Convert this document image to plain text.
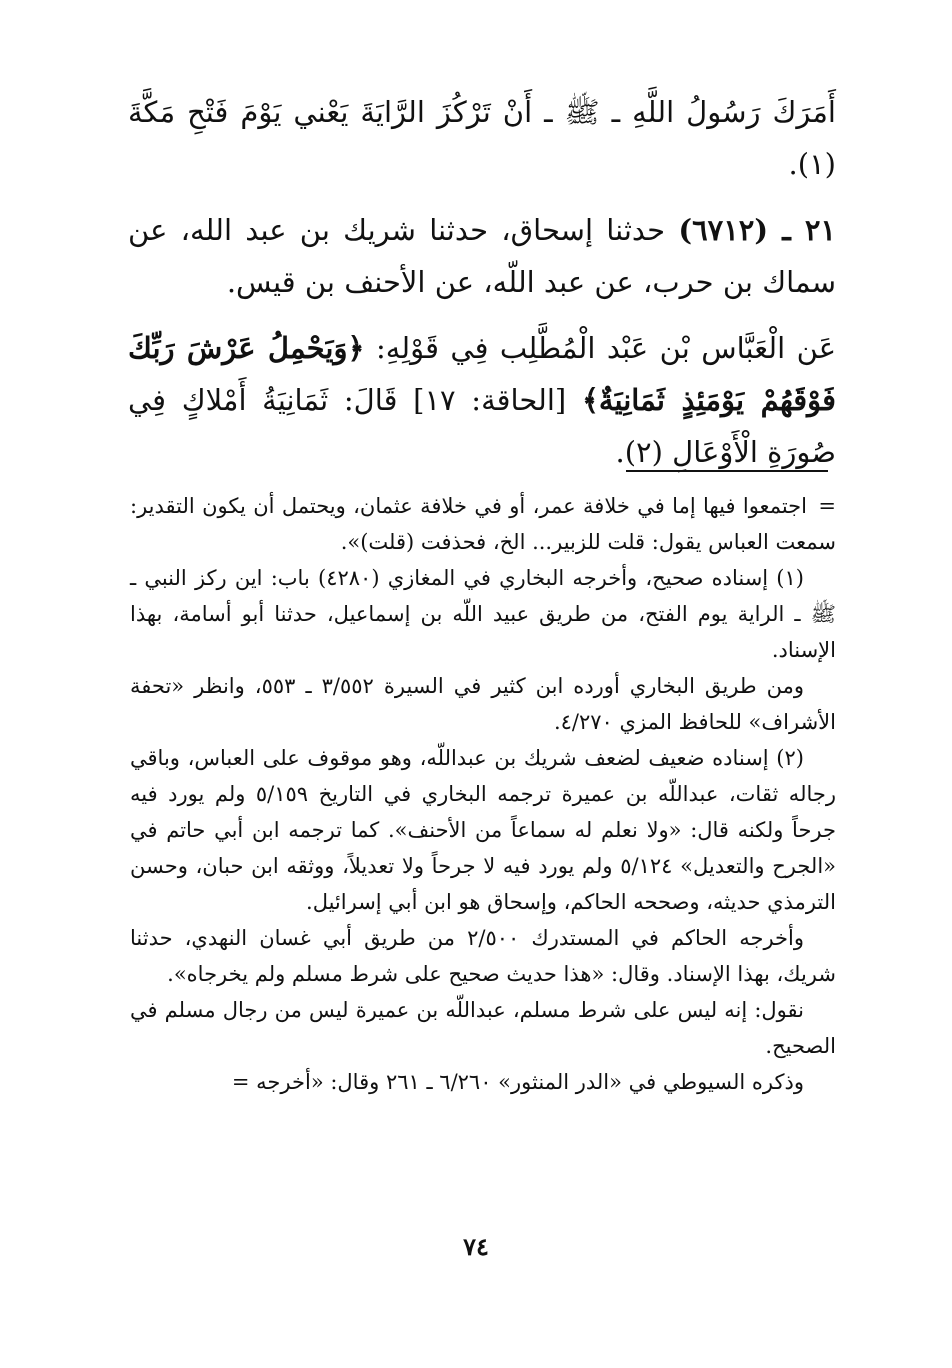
أَمَرَكَ رَسُولُ اللَّهِ ـ ﷺ ـ أَنْ تَرْكُزَ الرَّايَةَ يَعْني يَوْمَ فَتْحِ مَكَّةَ (١).

٢١ ـ (٦٧١٢) حدثنا إسحاق، حدثنا شريك بن عبد الله، عن سماك بن حرب، عن عبد اللّه، عن الأحنف بن قيس.

عَن الْعَبَّاس بْن عَبْد الْمُطَّلِب فِي قَوْلِهِ: ﴿وَيَحْمِلُ عَرْشَ رَبِّكَ فَوْقَهُمْ يَوْمَئِذٍ ثَمَانِيَةٌ﴾ [الحاقة: ١٧] قَالَ: ثَمَانِيَةُ أَمْلاكٍ فِي صُورَةِ الْأَوْعَالِ (٢).

= اجتمعوا فيها إما في خلافة عمر، أو في خلافة عثمان، ويحتمل أن يكون التقدير: سمعت العباس يقول: قلت للزبير... الخ، فحذفت (قلت)».

(١) إسناده صحيح، وأخرجه البخاري في المغازي (٤٢٨٠) باب: اين ركز النبي ـ ﷺ ـ الراية يوم الفتح، من طريق عبيد اللّه بن إسماعيل، حدثنا أبو أسامة، بهذا الإسناد.

ومن طريق البخاري أورده ابن كثير في السيرة ٣/٥٥٢ ـ ٥٥٣، وانظر «تحفة الأشراف» للحافظ المزي ٤/٢٧٠.

(٢) إسناده ضعيف لضعف شريك بن عبداللّه، وهو موقوف على العباس، وباقي رجاله ثقات، عبداللّه بن عميرة ترجمه البخاري في التاريخ ٥/١٥٩ ولم يورد فيه جرحاً ولكنه قال: «ولا نعلم له سماعاً من الأحنف». كما ترجمه ابن أبي حاتم في «الجرح والتعديل» ٥/١٢٤ ولم يورد فيه لا جرحاً ولا تعديلاً، ووثقه ابن حبان، وحسن الترمذي حديثه، وصححه الحاكم، وإسحاق هو ابن أبي إسرائيل.

وأخرجه الحاكم في المستدرك ٢/٥٠٠ من طريق أبي غسان النهدي، حدثنا شريك، بهذا الإسناد. وقال: «هذا حديث صحيح على شرط مسلم ولم يخرجاه».

نقول: إنه ليس على شرط مسلم، عبداللّه بن عميرة ليس من رجال مسلم في الصحيح.

وذكره السيوطي في «الدر المنثور» ٦/٢٦٠ ـ ٢٦١ وقال: «أخرجه =

٧٤
